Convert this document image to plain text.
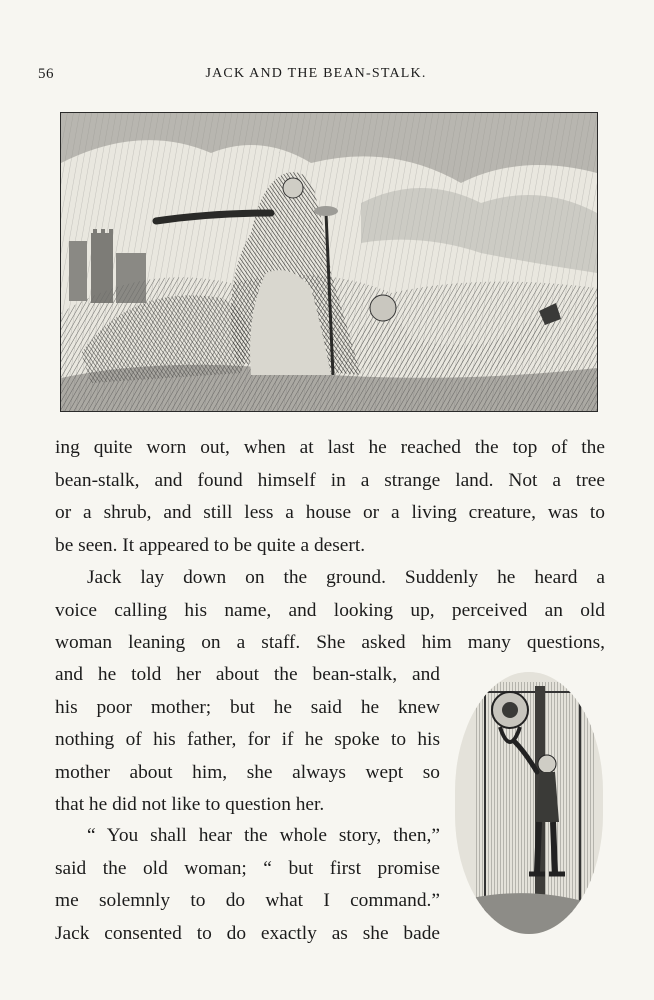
56	JACK AND THE BEAN-STALK.
ing quite worn out, when at last he reached the top of the
bean-stalk, and found himself in a strange land. Not a tree
or a shrub, and still less a house or a living creature, was to
be seen. It appeared to be quite a desert.
Jack lay down on the ground. Suddenly he heard a
voice calling his name, and looking up, perceived an old
woman leaning on a staff. She asked him many questions,
and he told her about the bean-stalk, and
his poor mother; but he said he knew
nothing of his father, for if he spoke to his
mother about him, she always wept so
that he did not like to question her.
“ You shall hear the whole story, then,”
said the old woman; “ but first promise
me solemnly to do what I command.”
Jack consented to do exactly as she bade
